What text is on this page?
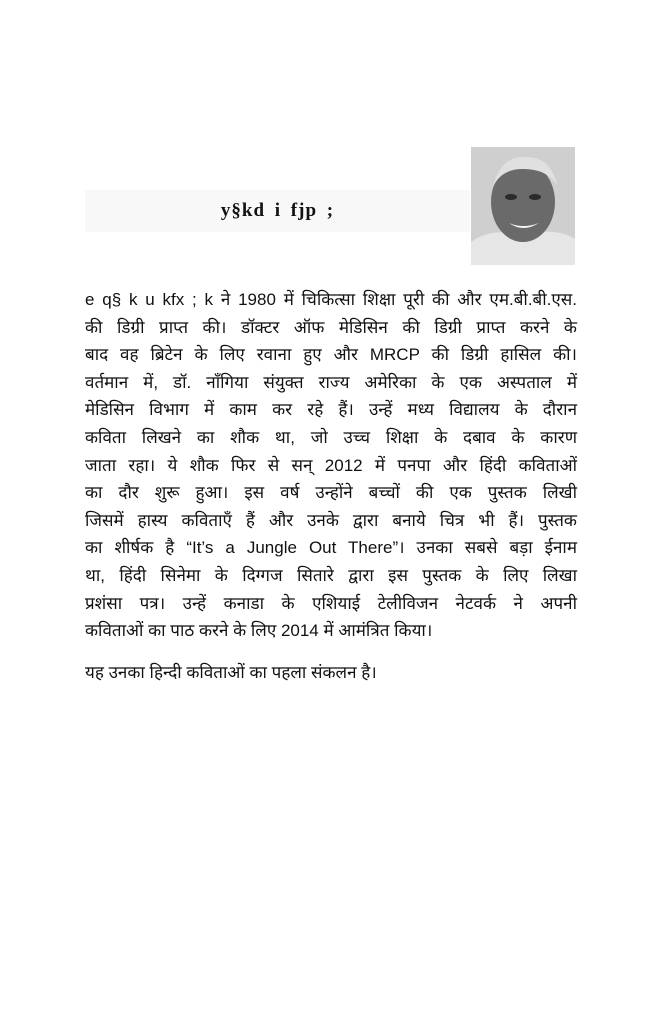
y§kd i fjp ;
e q§ k u kfx ; k ने 1980 में चिकित्सा शिक्षा पूरी की और एम.बी.बी.एस.
की डिग्री प्राप्त की। डॉक्टर ऑफ मेडिसिन की डिग्री प्राप्त करने के
बाद वह ब्रिटेन के लिए रवाना हुए और MRCP की डिग्री हासिल की।
वर्तमान में, डॉ. नाँगिया संयुक्त राज्य अमेरिका के एक अस्पताल में
मेडिसिन विभाग में काम कर रहे हैं। उन्हें मध्य विद्यालय के दौरान
कविता लिखने का शौक था, जो उच्च शिक्षा के दबाव के कारण
जाता रहा। ये शौक फिर से सन् 2012 में पनपा और हिंदी कविताओं
का दौर शुरू हुआ। इस वर्ष उन्होंने बच्चों की एक पुस्तक लिखी
जिसमें हास्य कविताएँ हैं और उनके द्वारा बनाये चित्र भी हैं। पुस्तक
का शीर्षक है “It’s a Jungle Out There”। उनका सबसे बड़ा ईनाम
था, हिंदी सिनेमा के दिग्गज सितारे द्वारा इस पुस्तक के लिए लिखा
प्रशंसा पत्र। उन्हें कनाडा के एशियाई टेलीविजन नेटवर्क ने अपनी
कविताओं का पाठ करने के लिए 2014 में आमंत्रित किया।
यह उनका हिन्दी कविताओं का पहला संकलन है।
